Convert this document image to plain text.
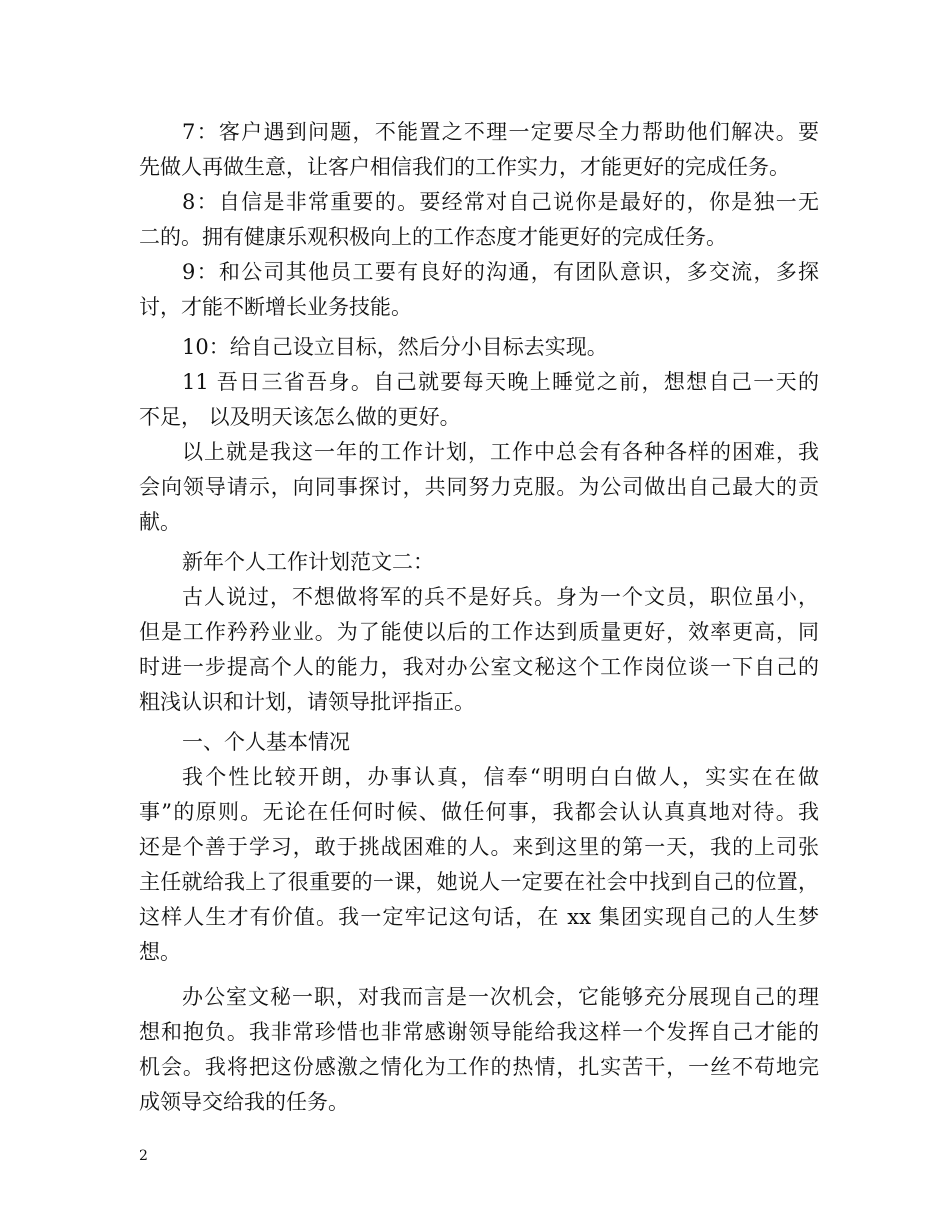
7：客户遇到问题，不能置之不理一定要尽全力帮助他们解决。要
先做人再做生意，让客户相信我们的工作实力，才能更好的完成任务。
8：自信是非常重要的。要经常对自己说你是最好的，你是独一无
二的。拥有健康乐观积极向上的工作态度才能更好的完成任务。
9：和公司其他员工要有良好的沟通，有团队意识，多交流，多探
讨，才能不断增长业务技能。
10：给自己设立目标，然后分小目标去实现。
11 吾日三省吾身。自己就要每天晚上睡觉之前，想想自己一天的
不足， 以及明天该怎么做的更好。
以上就是我这一年的工作计划，工作中总会有各种各样的困难，我
会向领导请示，向同事探讨，共同努力克服。为公司做出自己最大的贡
献。
新年个人工作计划范文二：
古人说过，不想做将军的兵不是好兵。身为一个文员，职位虽小，
但是工作矜矜业业。为了能使以后的工作达到质量更好，效率更高，同
时进一步提高个人的能力，我对办公室文秘这个工作岗位谈一下自己的
粗浅认识和计划，请领导批评指正。
一、个人基本情况
我个性比较开朗，办事认真，信奉“明明白白做人，实实在在做
事”的原则。无论在任何时候、做任何事，我都会认认真真地对待。我
还是个善于学习，敢于挑战困难的人。来到这里的第一天，我的上司张
主任就给我上了很重要的一课，她说人一定要在社会中找到自己的位置，
这样人生才有价值。我一定牢记这句话，在 xx 集团实现自己的人生梦
想。
办公室文秘一职，对我而言是一次机会，它能够充分展现自己的理
想和抱负。我非常珍惜也非常感谢领导能给我这样一个发挥自己才能的
机会。我将把这份感激之情化为工作的热情，扎实苦干，一丝不苟地完
成领导交给我的任务。
2
